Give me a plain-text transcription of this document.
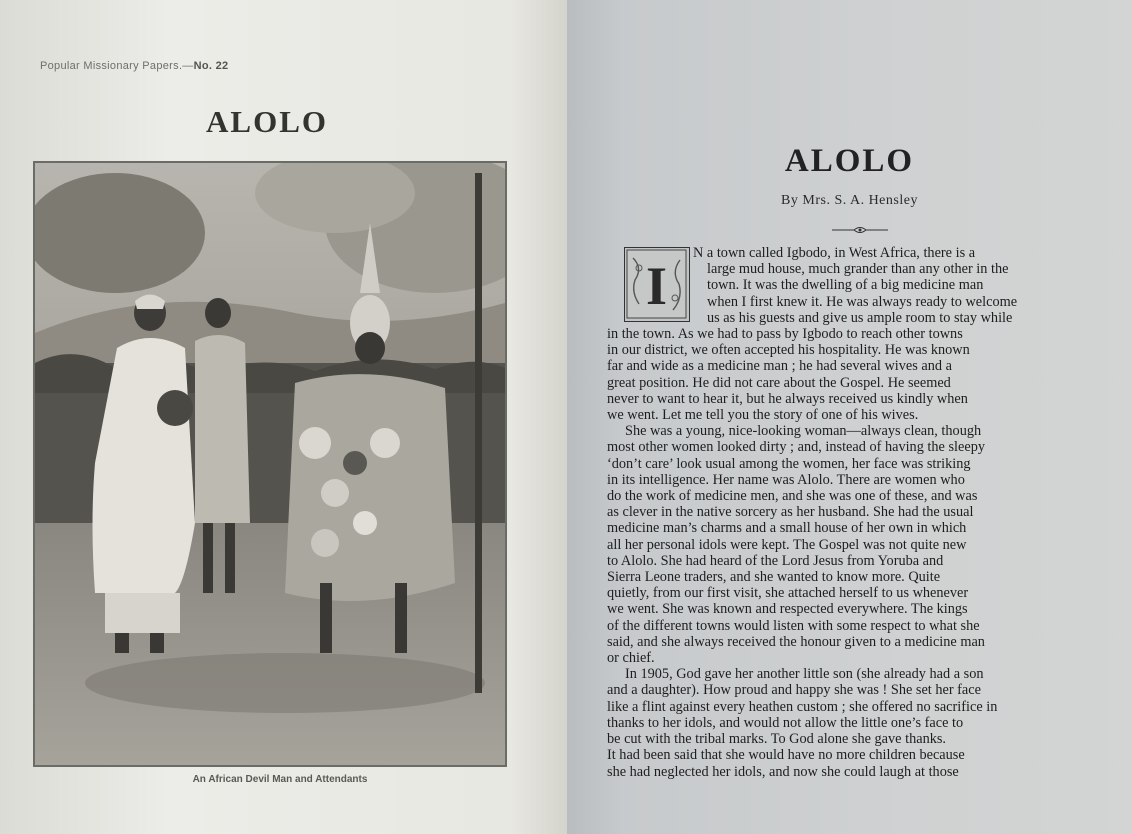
Popular Missionary Papers.—No. 22
ALOLO
An African Devil Man and Attendants
ALOLO
By Mrs. S. A. Hensley
I
N a town called Igbodo, in West Africa, there is a
large mud house, much grander than any other in the
town. It was the dwelling of a big medicine man
when I first knew it. He was always ready to welcome
us as his guests and give us ample room to stay while
in the town. As we had to pass by Igbodo to reach other towns
in our district, we often accepted his hospitality. He was known
far and wide as a medicine man ; he had several wives and a
great position. He did not care about the Gospel. He seemed
never to want to hear it, but he always received us kindly when
we went. Let me tell you the story of one of his wives.
She was a young, nice-looking woman—always clean, though
most other women looked dirty ; and, instead of having the sleepy
‘don’t care’ look usual among the women, her face was striking
in its intelligence. Her name was Alolo. There are women who
do the work of medicine men, and she was one of these, and was
as clever in the native sorcery as her husband. She had the usual
medicine man’s charms and a small house of her own in which
all her personal idols were kept. The Gospel was not quite new
to Alolo. She had heard of the Lord Jesus from Yoruba and
Sierra Leone traders, and she wanted to know more. Quite
quietly, from our first visit, she attached herself to us whenever
we went. She was known and respected everywhere. The kings
of the different towns would listen with some respect to what she
said, and she always received the honour given to a medicine man
or chief.
In 1905, God gave her another little son (she already had a son
and a daughter). How proud and happy she was ! She set her face
like a flint against every heathen custom ; she offered no sacrifice in
thanks to her idols, and would not allow the little one’s face to
be cut with the tribal marks. To God alone she gave thanks.
It had been said that she would have no more children because
she had neglected her idols, and now she could laugh at those
